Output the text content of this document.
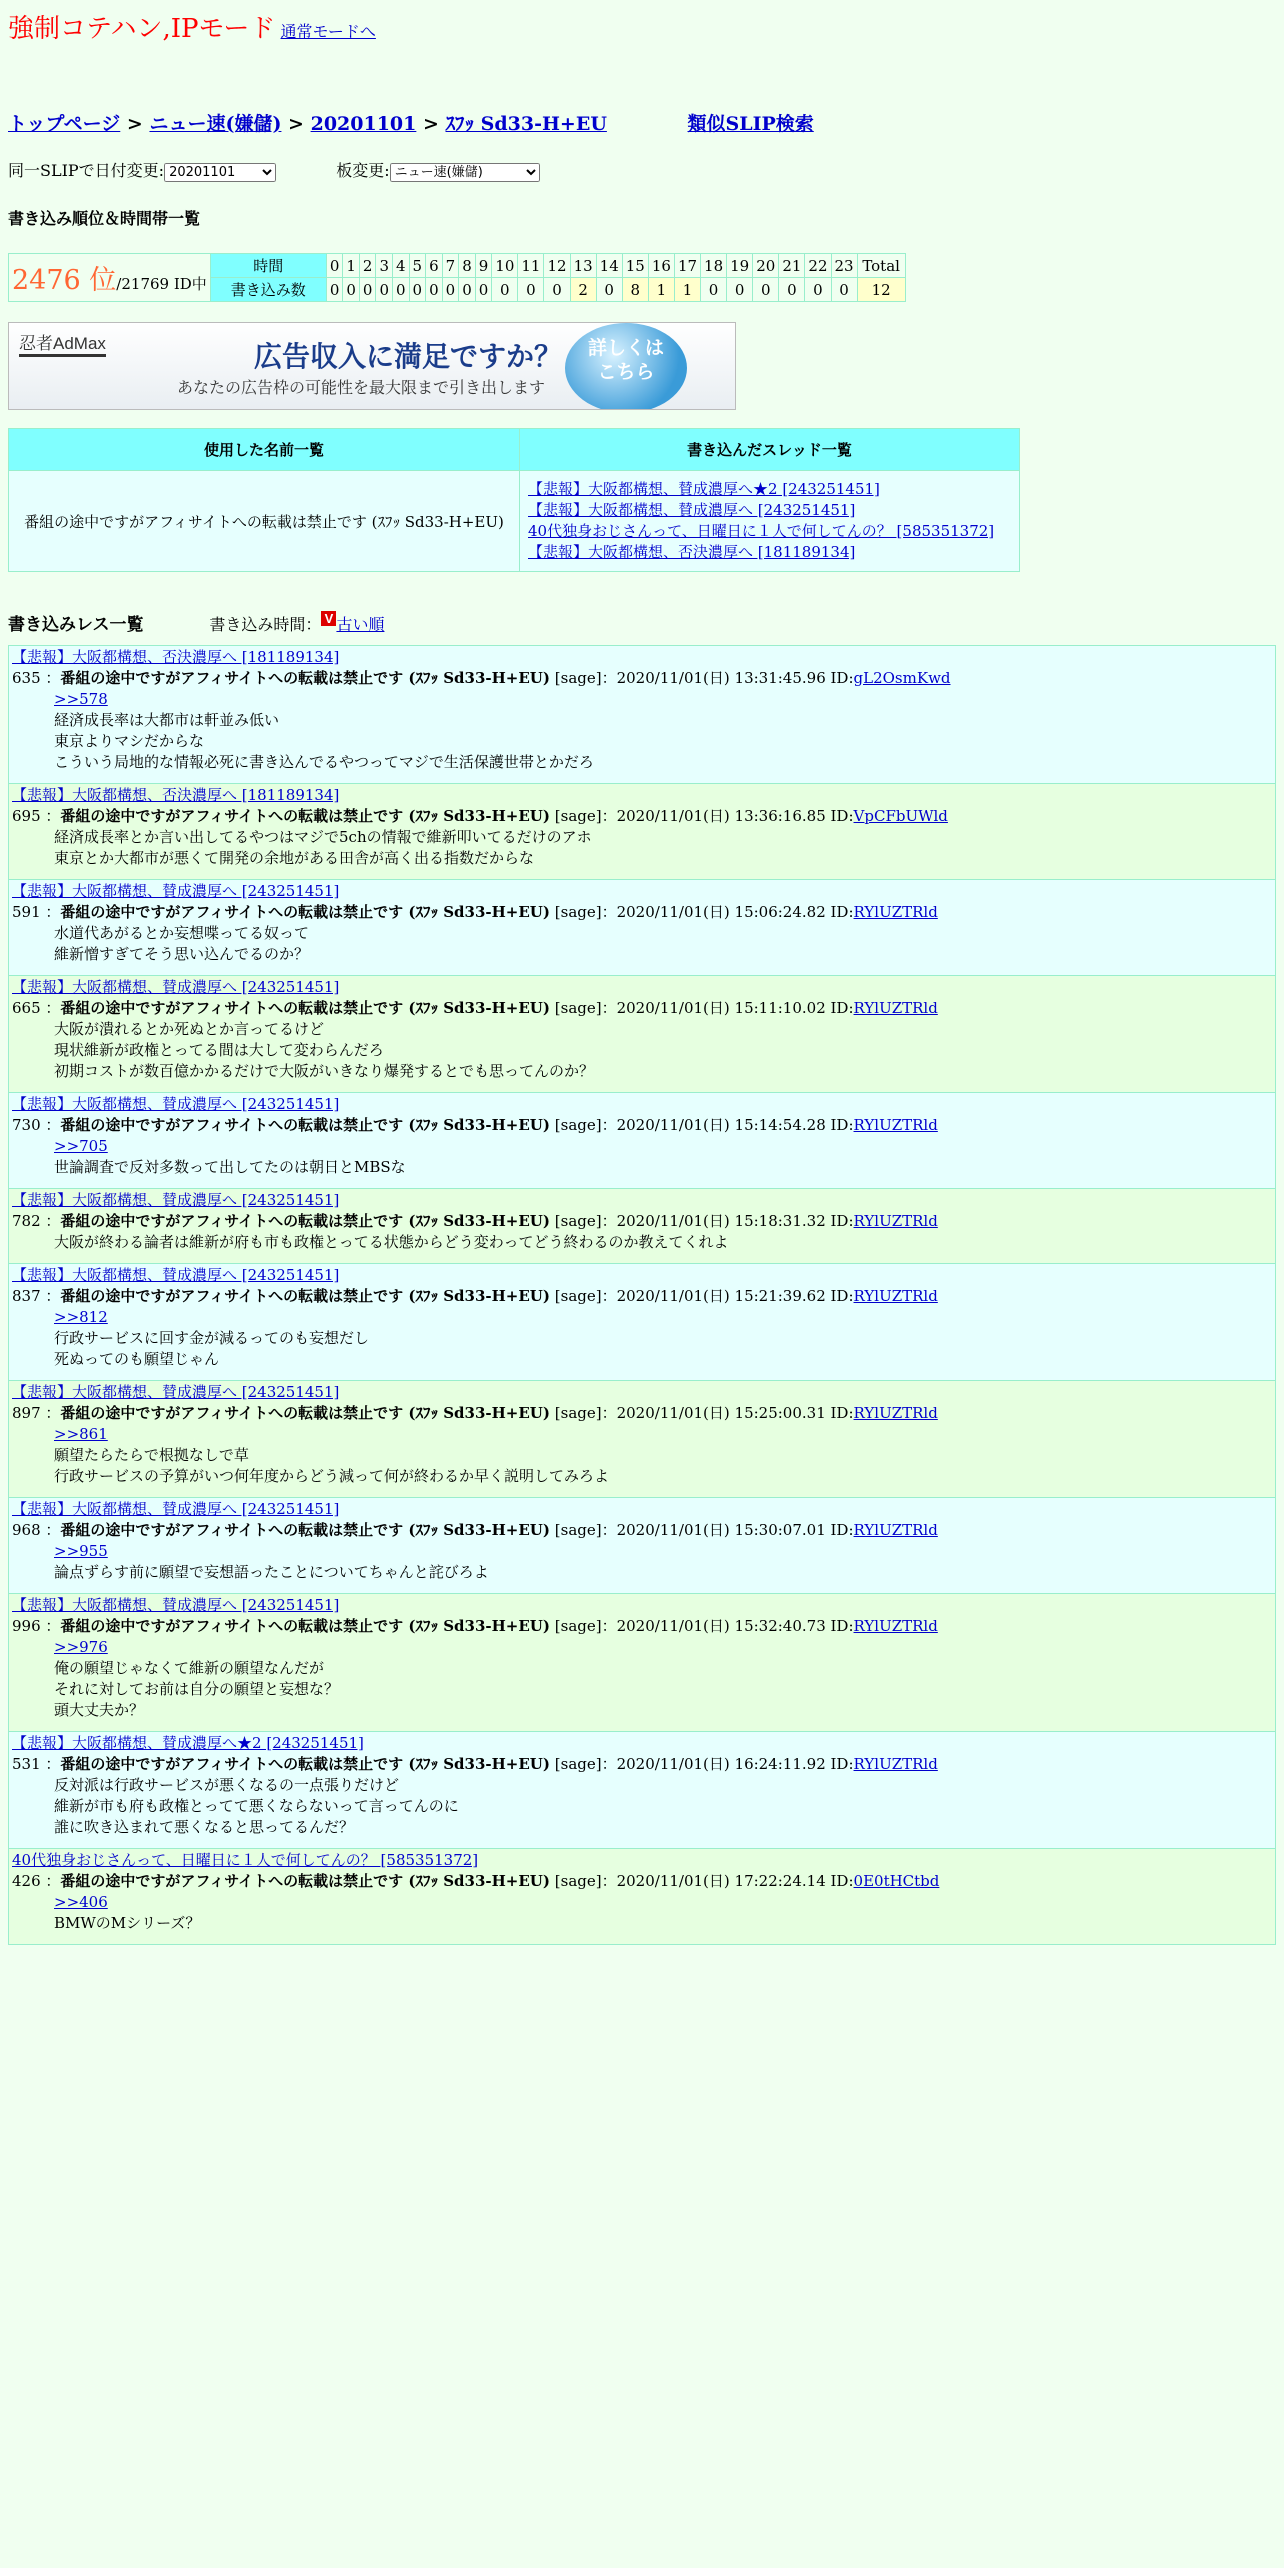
強制コテハン,IPモード 通常モードへ
トップページ > ニュー速(嫌儲) > 20201101 > ｽﾌｯ Sd33-H+EU	類似SLIP検索
同一SLIPで日付変更:
20201101	板変更:
ニュー速(嫌儲)
書き込み順位＆時間帯一覧
2476 位/21769 ID中	時間	0	1	2	3	4	5	6	7	8	9	10	11	12	13	14	15	16	17	18	19	20	21	22	23	Total
	書き込み数	0	0	0	0	0	0	0	0	0	0	0	0	0	2	0	8	1	1	0	0	0	0	0	0	12
忍者AdMax	広告収入に満足ですか？
あなたの広告枠の可能性を最大限まで引き出します
詳しくは
こちら
使用した名前一覧	書き込んだスレッド一覧
番組の途中ですがアフィサイトへの転載は禁止です (ｽﾌｯ Sd33-H+EU)	【悲報】大阪都構想、賛成濃厚へ★2 [243251451]
【悲報】大阪都構想、賛成濃厚へ [243251451]
40代独身おじさんって、日曜日に１人で何してんの？ [585351372]
【悲報】大阪都構想、否決濃厚へ [181189134]
書き込みレス一覧	書き込み時間： V 古い順
【悲報】大阪都構想、否決濃厚へ [181189134]
635 ：番組の途中ですがアフィサイトへの転載は禁止です (ｽﾌｯ Sd33-H+EU) [sage]：2020/11/01(日) 13:31:45.96 ID:gL2OsmKwd
>>578
経済成長率は大都市は軒並み低い
東京よりマシだからな
こういう局地的な情報必死に書き込んでるやつってマジで生活保護世帯とかだろ
【悲報】大阪都構想、否決濃厚へ [181189134]
695 ：番組の途中ですがアフィサイトへの転載は禁止です (ｽﾌｯ Sd33-H+EU) [sage]：2020/11/01(日) 13:36:16.85 ID:VpCFbUWld
経済成長率とか言い出してるやつはマジで5chの情報で維新叩いてるだけのアホ
東京とか大都市が悪くて開発の余地がある田舎が高く出る指数だからな
【悲報】大阪都構想、賛成濃厚へ [243251451]
591 ：番組の途中ですがアフィサイトへの転載は禁止です (ｽﾌｯ Sd33-H+EU) [sage]：2020/11/01(日) 15:06:24.82 ID:RYlUZTRld
水道代あがるとか妄想喋ってる奴って
維新憎すぎてそう思い込んでるのか？
【悲報】大阪都構想、賛成濃厚へ [243251451]
665 ：番組の途中ですがアフィサイトへの転載は禁止です (ｽﾌｯ Sd33-H+EU) [sage]：2020/11/01(日) 15:11:10.02 ID:RYlUZTRld
大阪が潰れるとか死ぬとか言ってるけど
現状維新が政権とってる間は大して変わらんだろ
初期コストが数百億かかるだけで大阪がいきなり爆発するとでも思ってんのか？
【悲報】大阪都構想、賛成濃厚へ [243251451]
730 ：番組の途中ですがアフィサイトへの転載は禁止です (ｽﾌｯ Sd33-H+EU) [sage]：2020/11/01(日) 15:14:54.28 ID:RYlUZTRld
>>705
世論調査で反対多数って出してたのは朝日とMBSな
【悲報】大阪都構想、賛成濃厚へ [243251451]
782 ：番組の途中ですがアフィサイトへの転載は禁止です (ｽﾌｯ Sd33-H+EU) [sage]：2020/11/01(日) 15:18:31.32 ID:RYlUZTRld
大阪が終わる論者は維新が府も市も政権とってる状態からどう変わってどう終わるのか教えてくれよ
【悲報】大阪都構想、賛成濃厚へ [243251451]
837 ：番組の途中ですがアフィサイトへの転載は禁止です (ｽﾌｯ Sd33-H+EU) [sage]：2020/11/01(日) 15:21:39.62 ID:RYlUZTRld
>>812
行政サービスに回す金が減るってのも妄想だし
死ぬってのも願望じゃん
【悲報】大阪都構想、賛成濃厚へ [243251451]
897 ：番組の途中ですがアフィサイトへの転載は禁止です (ｽﾌｯ Sd33-H+EU) [sage]：2020/11/01(日) 15:25:00.31 ID:RYlUZTRld
>>861
願望たらたらで根拠なしで草
行政サービスの予算がいつ何年度からどう減って何が終わるか早く説明してみろよ
【悲報】大阪都構想、賛成濃厚へ [243251451]
968 ：番組の途中ですがアフィサイトへの転載は禁止です (ｽﾌｯ Sd33-H+EU) [sage]：2020/11/01(日) 15:30:07.01 ID:RYlUZTRld
>>955
論点ずらす前に願望で妄想語ったことについてちゃんと詫びろよ
【悲報】大阪都構想、賛成濃厚へ [243251451]
996 ：番組の途中ですがアフィサイトへの転載は禁止です (ｽﾌｯ Sd33-H+EU) [sage]：2020/11/01(日) 15:32:40.73 ID:RYlUZTRld
>>976
俺の願望じゃなくて維新の願望なんだが
それに対してお前は自分の願望と妄想な？
頭大丈夫か？
【悲報】大阪都構想、賛成濃厚へ★2 [243251451]
531 ：番組の途中ですがアフィサイトへの転載は禁止です (ｽﾌｯ Sd33-H+EU) [sage]：2020/11/01(日) 16:24:11.92 ID:RYlUZTRld
反対派は行政サービスが悪くなるの一点張りだけど
維新が市も府も政権とってて悪くならないって言ってんのに
誰に吹き込まれて悪くなると思ってるんだ？
40代独身おじさんって、日曜日に１人で何してんの？ [585351372]
426 ：番組の途中ですがアフィサイトへの転載は禁止です (ｽﾌｯ Sd33-H+EU) [sage]：2020/11/01(日) 17:22:24.14 ID:0E0tHCtbd
>>406
BMWのMシリーズ？
